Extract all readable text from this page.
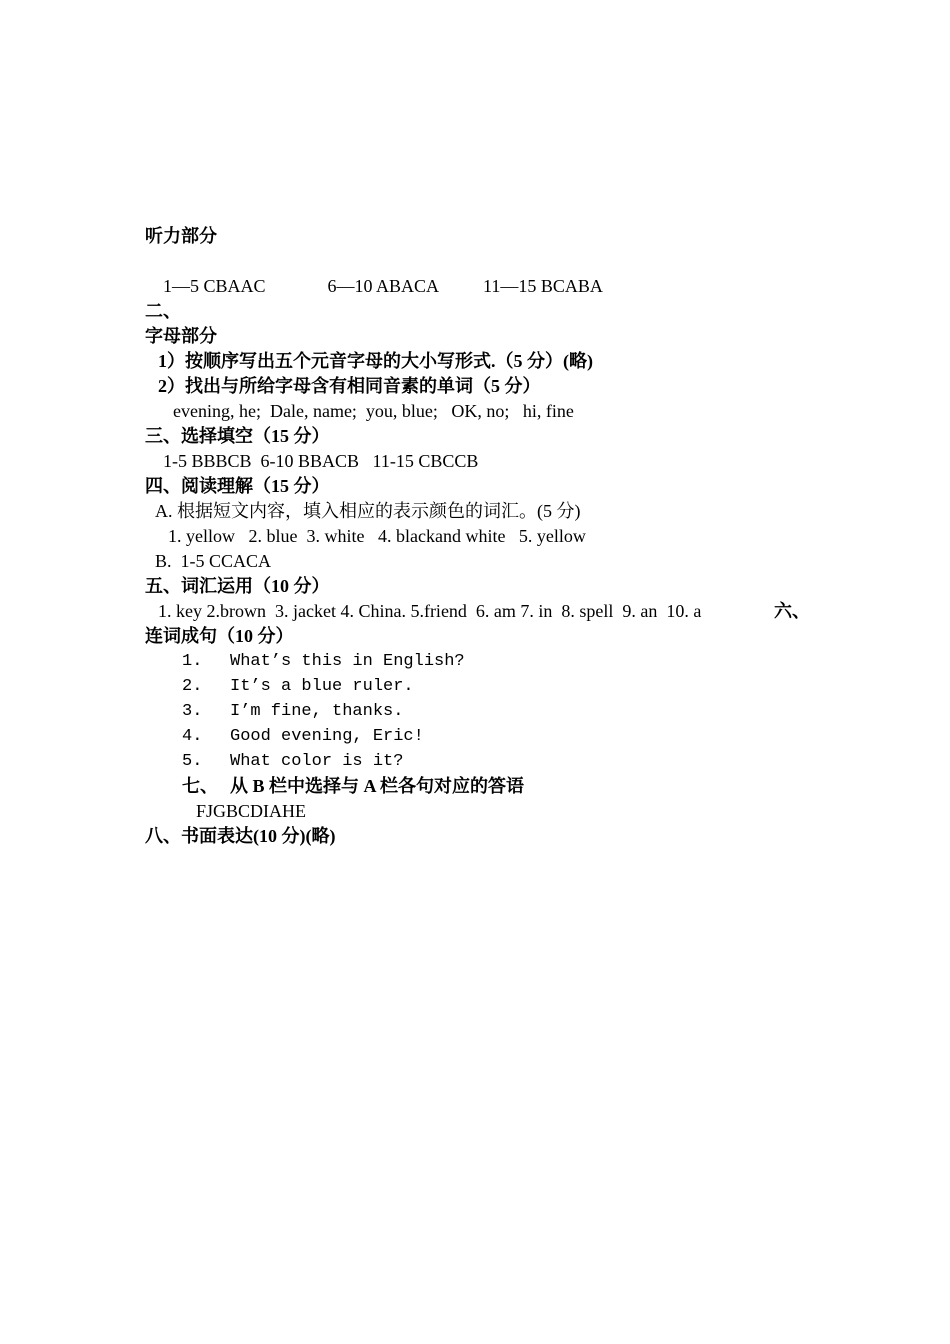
听力部分

1—5 CBAAC	6—10 ABACA 11—15 BCABA

二、
字母部分
1）按顺序写出五个元音字母的大小写形式.（5 分）(略)
2）找出与所给字母含有相同音素的单词（5 分）
evening, he;  Dale, name;  you, blue;   OK, no;   hi, fine
三、选择填空（15 分）
1-5 BBBCB  6-10 BBACB   11-15 CBCCB
四、阅读理解（15 分）
A. 根据短文内容，填入相应的表示颜色的词汇。(5 分)
1. yellow   2. blue  3. white   4. blackand white   5. yellow
B.  1-5 CCACA
五、词汇运用（10 分）
1. key 2.brown  3. jacket 4. China. 5.friend  6. am 7. in  8. spell  9. an  10. a	六、
连词成句（10 分）
1. What’s this in English?
2. It’s a blue ruler.
3. I’m fine, thanks.
4. Good evening, Eric!
5. What color is it?
七、 从 B 栏中选择与 A 栏各句对应的答语
FJGBCDIAHE
八、书面表达(10 分)(略)
